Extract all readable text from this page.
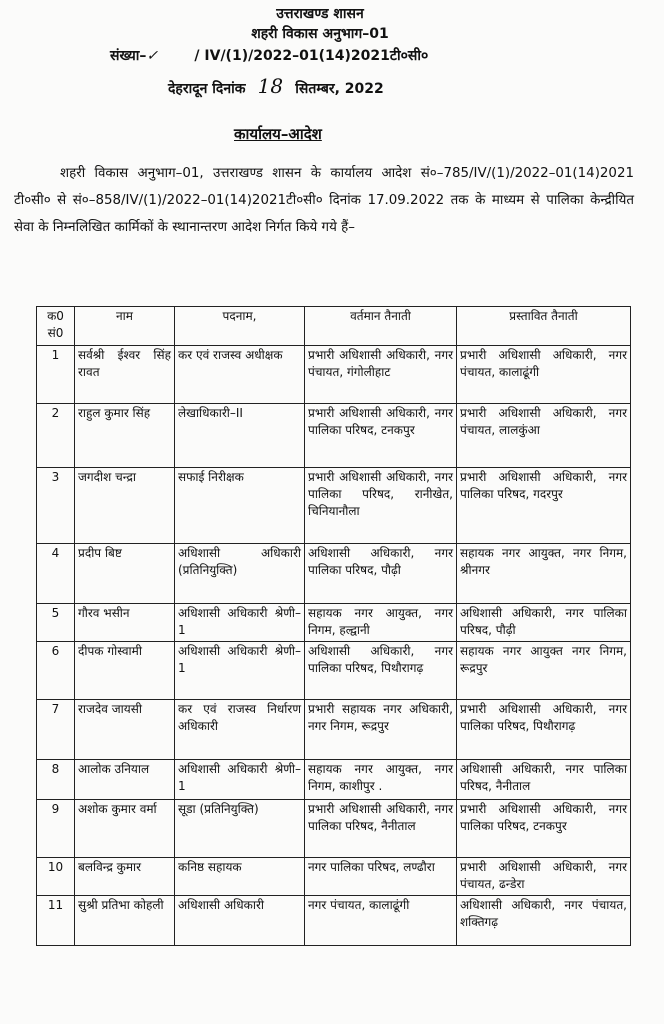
उत्तराखण्ड शासन
शहरी विकास अनुभाग–01
संख्या–✓	/ IV/(1)/2022–01(14)2021टी०सी०
देहरादून दिनांक 18 सितम्बर, 2022
कार्यालय–आदेश
शहरी विकास अनुभाग–01, उत्तराखण्ड शासन के कार्यालय आदेश सं०–785/IV/(1)/2022–01(14)2021 टी०सी० से सं०–858/IV/(1)/2022–01(14)2021टी०सी० दिनांक 17.09.2022 तक के माध्यम से पालिका केन्द्रीयित सेवा के निम्नलिखित कार्मिकों के स्थानान्तरण आदेश निर्गत किये गये हैं–
क0 सं0	नाम	पदनाम,	वर्तमान तैनाती	प्रस्तावित तैनाती
1	सर्वश्री ईश्वर सिंह रावत	कर एवं राजस्व अधीक्षक	प्रभारी अधिशासी अधिकारी, नगर पंचायत, गंगोलीहाट	प्रभारी अधिशासी अधिकारी, नगर पंचायत, कालाढूंगी
2	राहुल कुमार सिंह	लेखाधिकारी–II	प्रभारी अधिशासी अधिकारी, नगर पालिका परिषद, टनकपुर	प्रभारी अधिशासी अधिकारी, नगर पंचायत, लालकुंआ
3	जगदीश चन्द्रा	सफाई निरीक्षक	प्रभारी अधिशासी अधिकारी, नगर पालिका परिषद, रानीखेत, चिनियानौला	प्रभारी अधिशासी अधिकारी, नगर पालिका परिषद, गदरपुर
4	प्रदीप बिष्ट	अधिशासी अधिकारी (प्रतिनियुक्ति)	अधिशासी अधिकारी, नगर पालिका परिषद, पौढ़ी	सहायक नगर आयुक्त, नगर निगम, श्रीनगर
5	गौरव भसीन	अधिशासी अधिकारी श्रेणी–1	सहायक नगर आयुक्त, नगर निगम, हल्द्वानी	अधिशासी अधिकारी, नगर पालिका परिषद, पौढ़ी
6	दीपक गोस्वामी	अधिशासी अधिकारी श्रेणी–1	अधिशासी अधिकारी, नगर पालिका परिषद, पिथौरागढ़	सहायक नगर आयुक्त नगर निगम, रूद्रपुर
7	राजदेव जायसी	कर एवं राजस्व निर्धारण अधिकारी	प्रभारी सहायक नगर अधिकारी, नगर निगम, रूद्रपुर	प्रभारी अधिशासी अधिकारी, नगर पालिका परिषद, पिथौरागढ़
8	आलोक उनियाल	अधिशासी अधिकारी श्रेणी–1	सहायक नगर आयुक्त, नगर निगम, काशीपुर .	अधिशासी अधिकारी, नगर पालिका परिषद, नैनीताल
9	अशोक कुमार वर्मा	सूडा (प्रतिनियुक्ति)	प्रभारी अधिशासी अधिकारी, नगर पालिका परिषद, नैनीताल	प्रभारी अधिशासी अधिकारी, नगर पालिका परिषद, टनकपुर
10	बलविन्द्र कुमार	कनिष्ठ सहायक	नगर पालिका परिषद, लण्ढौरा	प्रभारी अधिशासी अधिकारी, नगर पंचायत, ढन्डेरा
11	सुश्री प्रतिभा कोहली	अधिशासी अधिकारी	नगर पंचायत, कालाढूंगी	अधिशासी अधिकारी, नगर पंचायत, शक्तिगढ़
